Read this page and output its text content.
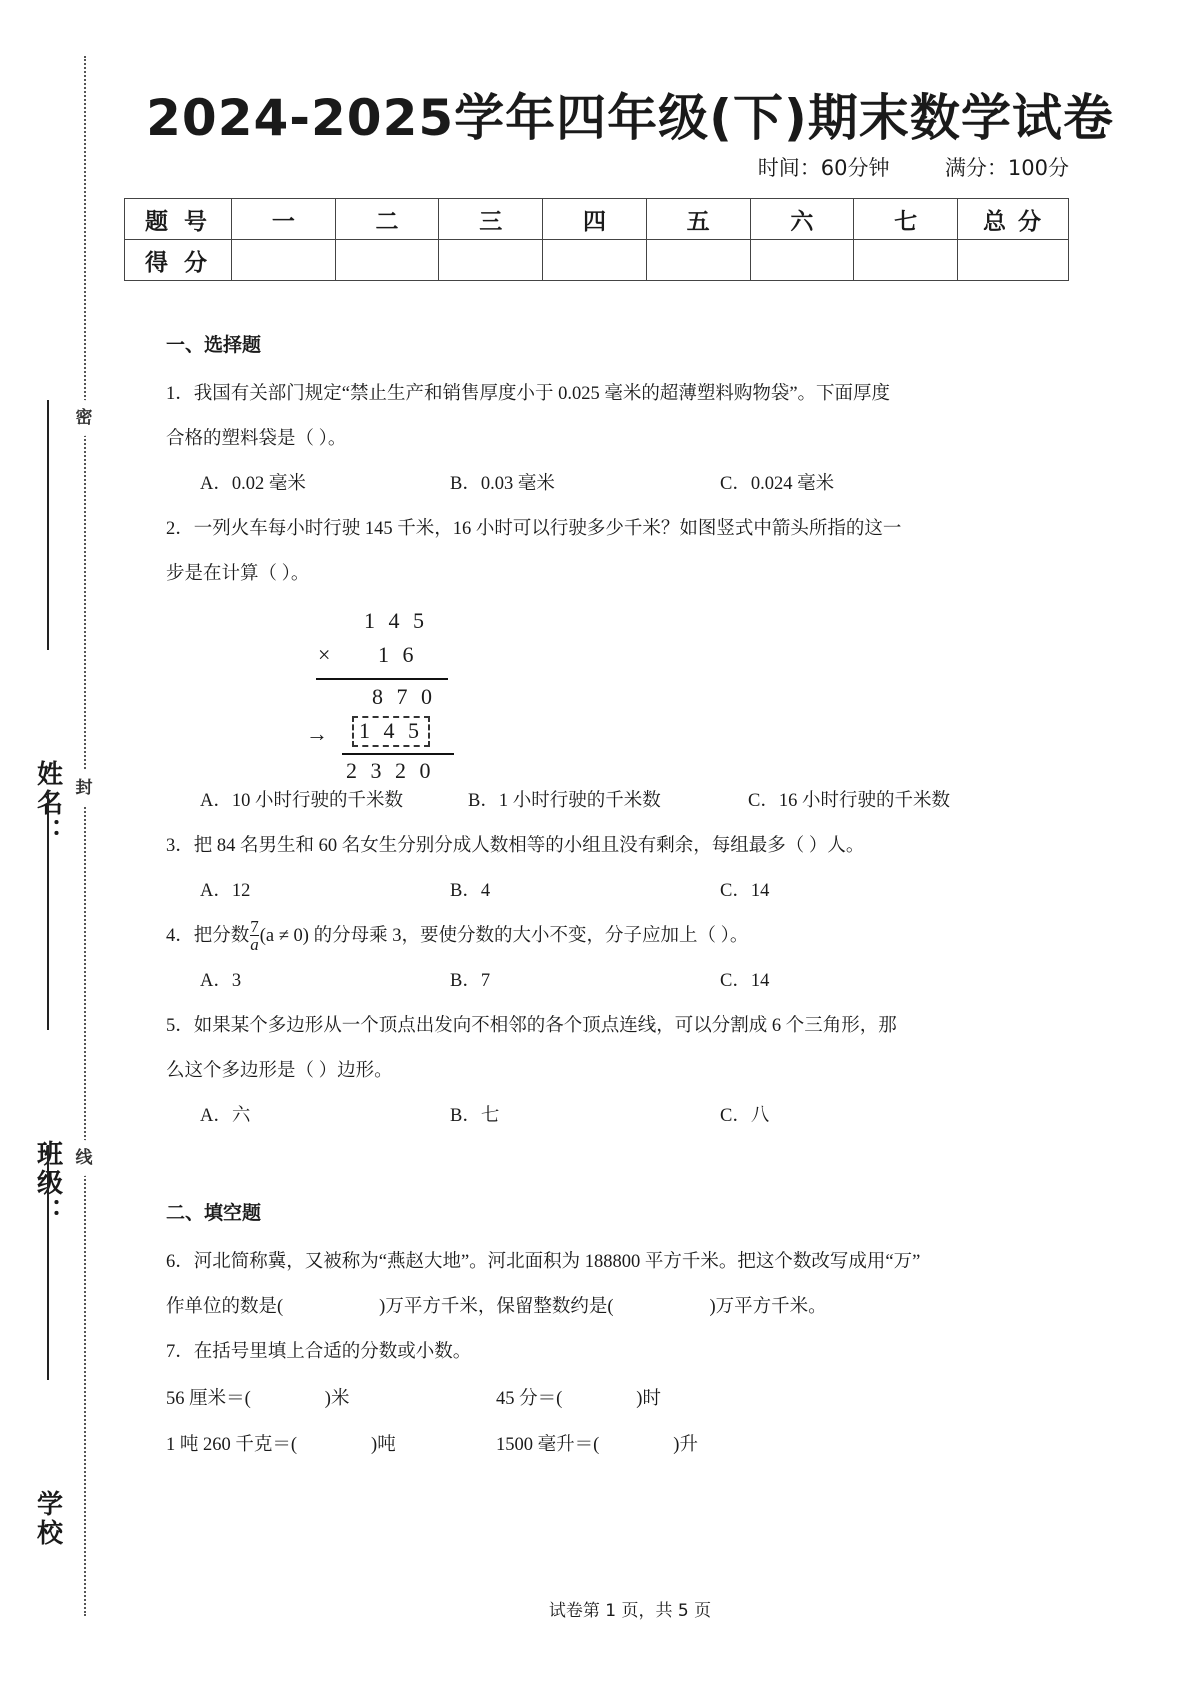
密
封
线
姓名：
班级：
学校
2024-2025学年四年级(下)期末数学试卷
时间：60分钟	满分：100分
题 号	一	二	三	四	五	六	七	总 分
得 分								
一、选择题

1．我国有关部门规定“禁止生产和销售厚度小于 0.025 毫米的超薄塑料购物袋”。下面厚度

合格的塑料袋是（ ）。

A．0.02 毫米	B．0.03 毫米	C．0.024 毫米

2．一列火车每小时行驶 145 千米，16 小时可以行驶多少千米？如图竖式中箭头所指的这一

步是在计算（ ）。

1 4 5
× 1 6
8 7 0
→	1 4 5
2 3 2 0
A．10 小时行驶的千米数	B．1 小时行驶的千米数	C．16 小时行驶的千米数

3．把 84 名男生和 60 名女生分别分成人数相等的小组且没有剩余，每组最多（ ）人。

A．12	B．4	C．14

4．把分数 $\frac{7}{a} (a \ne 0)$ 的分母乘 3，要使分数的大小不变，分子应加上（ ）。

A．3	B．7	C．14

5．如果某个多边形从一个顶点出发向不相邻的各个顶点连线，可以分割成 6 个三角形，那

么这个多边形是（ ）边形。

A．六	B．七	C．八
二、填空题

6．河北简称冀，又被称为“燕赵大地”。河北面积为 188800 平方千米。把这个数改写成用“万”

作单位的数是(	)万平方千米，保留整数约是(	)万平方千米。

7．在括号里填上合适的分数或小数。

56 厘米＝(	)米	45 分＝(	)时
1 吨 260 千克＝(	)吨	1500 毫升＝(	)升
试卷第 1 页，共 5 页
